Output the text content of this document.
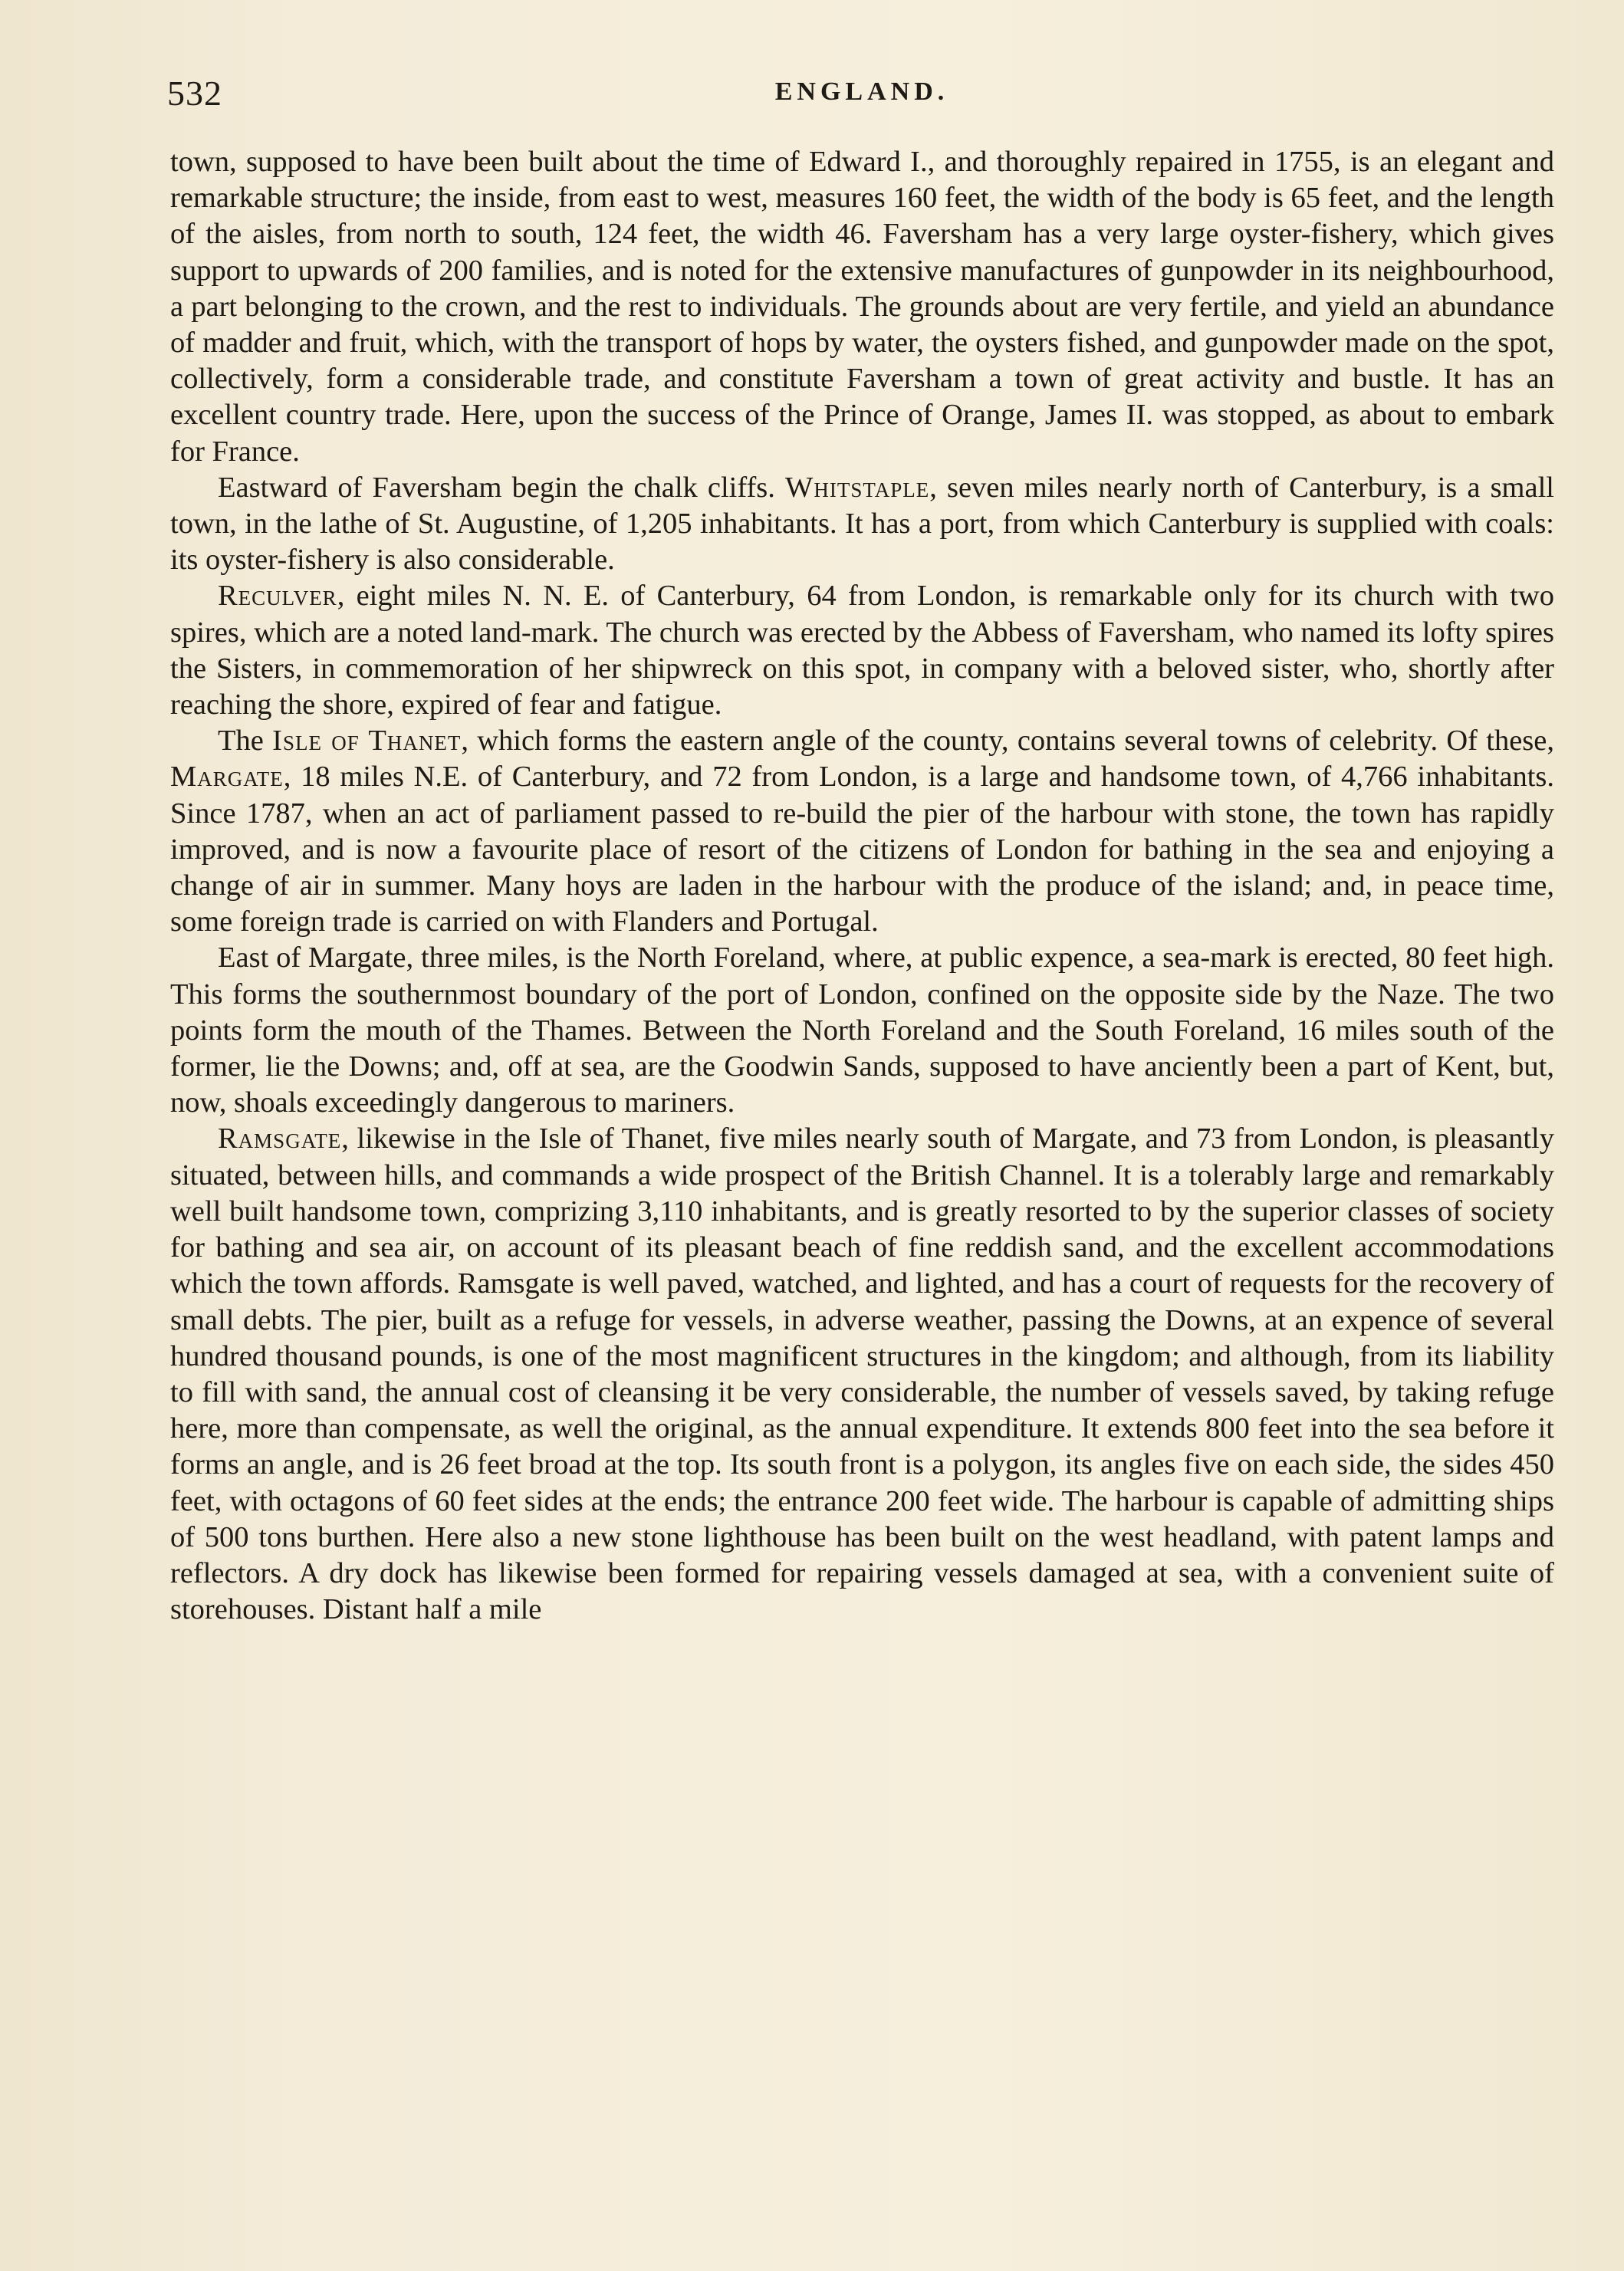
532	ENGLAND.

town, supposed to have been built about the time of Edward I., and thoroughly repaired in 1755, is an elegant and remarkable structure; the inside, from east to west, measures 160 feet, the width of the body is 65 feet, and the length of the aisles, from north to south, 124 feet, the width 46. Faversham has a very large oyster-fishery, which gives support to upwards of 200 families, and is noted for the extensive manufactures of gunpowder in its neighbourhood, a part belonging to the crown, and the rest to individuals. The grounds about are very fertile, and yield an abundance of madder and fruit, which, with the transport of hops by water, the oysters fished, and gunpowder made on the spot, collectively, form a considerable trade, and constitute Faversham a town of great activity and bustle. It has an excellent country trade. Here, upon the success of the Prince of Orange, James II. was stopped, as about to embark for France.

Eastward of Faversham begin the chalk cliffs. Whitstaple, seven miles nearly north of Canterbury, is a small town, in the lathe of St. Augustine, of 1,205 inhabitants. It has a port, from which Canterbury is supplied with coals: its oyster-fishery is also considerable.

Reculver, eight miles N. N. E. of Canterbury, 64 from London, is remarkable only for its church with two spires, which are a noted land-mark. The church was erected by the Abbess of Faversham, who named its lofty spires the Sisters, in commemoration of her shipwreck on this spot, in company with a beloved sister, who, shortly after reaching the shore, expired of fear and fatigue.

The Isle of Thanet, which forms the eastern angle of the county, contains several towns of celebrity. Of these, Margate, 18 miles N.E. of Canterbury, and 72 from London, is a large and handsome town, of 4,766 inhabitants. Since 1787, when an act of parliament passed to re-build the pier of the harbour with stone, the town has rapidly improved, and is now a favourite place of resort of the citizens of London for bathing in the sea and enjoying a change of air in summer. Many hoys are laden in the harbour with the produce of the island; and, in peace time, some foreign trade is carried on with Flanders and Portugal.

East of Margate, three miles, is the North Foreland, where, at public expence, a sea-mark is erected, 80 feet high. This forms the southernmost boundary of the port of London, confined on the opposite side by the Naze. The two points form the mouth of the Thames. Between the North Foreland and the South Foreland, 16 miles south of the former, lie the Downs; and, off at sea, are the Goodwin Sands, supposed to have anciently been a part of Kent, but, now, shoals exceedingly dangerous to mariners.

Ramsgate, likewise in the Isle of Thanet, five miles nearly south of Margate, and 73 from London, is pleasantly situated, between hills, and commands a wide prospect of the British Channel. It is a tolerably large and remarkably well built handsome town, comprizing 3,110 inhabitants, and is greatly resorted to by the superior classes of society for bathing and sea air, on account of its pleasant beach of fine reddish sand, and the excellent accommodations which the town affords. Ramsgate is well paved, watched, and lighted, and has a court of requests for the recovery of small debts. The pier, built as a refuge for vessels, in adverse weather, passing the Downs, at an expence of several hundred thousand pounds, is one of the most magnificent structures in the kingdom; and although, from its liability to fill with sand, the annual cost of cleansing it be very considerable, the number of vessels saved, by taking refuge here, more than compensate, as well the original, as the annual expenditure. It extends 800 feet into the sea before it forms an angle, and is 26 feet broad at the top. Its south front is a polygon, its angles five on each side, the sides 450 feet, with octagons of 60 feet sides at the ends; the entrance 200 feet wide. The harbour is capable of admitting ships of 500 tons burthen. Here also a new stone lighthouse has been built on the west headland, with patent lamps and reflectors. A dry dock has likewise been formed for repairing vessels damaged at sea, with a convenient suite of storehouses. Distant half a mile
